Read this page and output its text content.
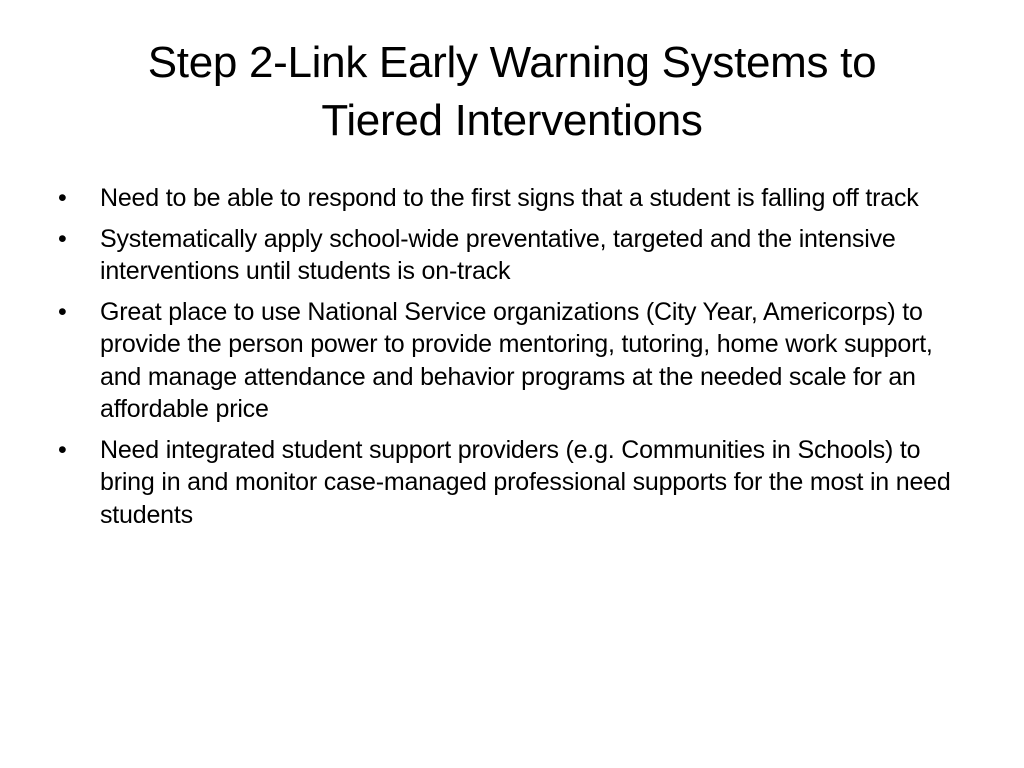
Step 2-Link Early Warning Systems to
Tiered Interventions
•	Need to be able to respond to the first signs that a student is falling off track
•	Systematically apply school-wide preventative, targeted and the intensive interventions until students is on-track
•	Great place to use National Service organizations (City Year, Americorps) to provide the person power to provide mentoring, tutoring, home work support, and manage attendance and behavior programs at the needed scale for an affordable price
•	Need integrated student support providers (e.g. Communities in Schools) to bring in and monitor case-managed professional supports for the most in need students
